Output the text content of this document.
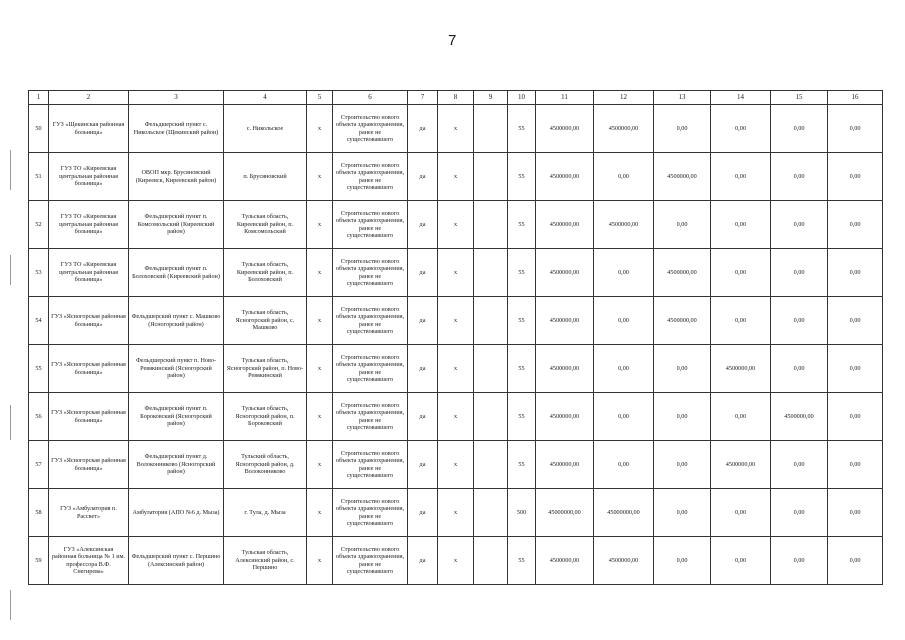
7
1	2	3	4	5	6	7	8	9	10	11	12	13	14	15	16
50	ГУЗ «Щекинская районная больница»	Фельдшерский пункт с. Никольское (Щекинский район)	с. Никольское	х	Строительство нового объекта здравоохранения, ранее не существовавшего	да	х		55	4500000,00	4500000,00	0,00	0,00	0,00	0,00
51	ГУЗ ТО «Киреевская центральная районная больница»	ОВОП мкр. Брусяновский (Киреевск, Киреевский район)	п. Брусяновский	х	Строительство нового объекта здравоохранения, ранее не существовавшего	да	х		55	4500000,00	0,00	4500000,00	0,00	0,00	0,00
52	ГУЗ ТО «Киреевская центральная районная больница»	Фельдшерский пункт п. Комсомольский (Киреевский район)	Тульская область, Киреевский район, п. Комсомольский	х	Строительство нового объекта здравоохранения, ранее не существовавшего	да	х		55	4500000,00	4500000,00	0,00	0,00	0,00	0,00
53	ГУЗ ТО «Киреевская центральная районная больница»	Фельдшерский пункт п. Болоховский (Киреевский район)	Тульская область, Киреевский район, п. Болоховский	х	Строительство нового объекта здравоохранения, ранее не существовавшего	да	х		55	4500000,00	0,00	4500000,00	0,00	0,00	0,00
54	ГУЗ «Ясногорская районная больница»	Фельдшерский пункт с. Машково (Ясногорский район)	Тульская область, Ясногорский район, с. Машково	х	Строительство нового объекта здравоохранения, ранее не существовавшего	да	х		55	4500000,00	0,00	4500000,00	0,00	0,00	0,00
55	ГУЗ «Ясногорская районная больница»	Фельдшерский пункт п. Ново-Ревякинский (Ясногорский район)	Тульская область, Ясногорский район, п. Ново-Ревякинский	х	Строительство нового объекта здравоохранения, ранее не существовавшего	да	х		55	4500000,00	0,00	0,00	4500000,00	0,00	0,00
56	ГУЗ «Ясногорская районная больница»	Фельдшерский пункт п. Бороковский (Ясногорский район)	Тульская область, Ясногорский район, п. Бороковский	х	Строительство нового объекта здравоохранения, ранее не существовавшего	да	х		55	4500000,00	0,00	0,00	0,00	4500000,00	0,00
57	ГУЗ «Ясногорская районная больница»	Фельдшерский пункт д. Волоконниково (Ясногорский район)	Тульский область, Ясногорский район, д. Волоконниково	х	Строительство нового объекта здравоохранения, ранее не существовавшего	да	х		55	4500000,00	0,00	0,00	4500000,00	0,00	0,00
58	ГУЗ «Амбулатория п. Рассвет»	Амбулатория (АПО №6 д. Мыза)	г. Тула, д. Мыза	х	Строительство нового объекта здравоохранения, ранее не существовавшего	да	х		500	45000000,00	45000000,00	0,00	0,00	0,00	0,00
59	ГУЗ «Алексинская районная больница № 1 им. профессора В.Ф. Снегирева»	Фельдшерский пункт с. Першино (Алексинский район)	Тульская область, Алексинский район, с. Першино	х	Строительство нового объекта здравоохранения, ранее не существовавшего	да	х		55	4500000,00	4500000,00	0,00	0,00	0,00	0,00
